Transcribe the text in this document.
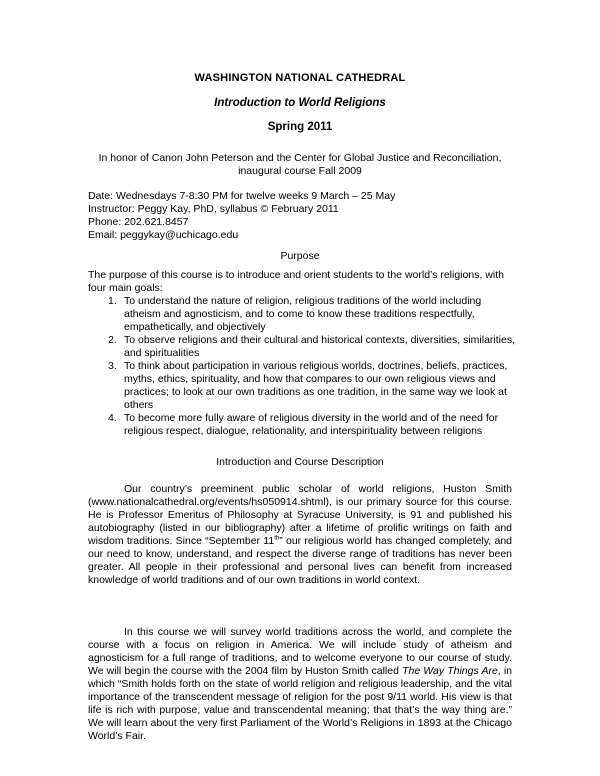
WASHINGTON NATIONAL CATHEDRAL
Introduction to World Religions
Spring 2011
In honor of Canon John Peterson and the Center for Global Justice and Reconciliation,
inaugural course Fall 2009
Date: Wednesdays 7-8:30 PM for twelve weeks 9 March – 25 May
Instructor: Peggy Kay, PhD, syllabus © February 2011
Phone: 202.621.8457
Email: peggykay@uchicago.edu
Purpose
The purpose of this course is to introduce and orient students to the world’s religions, with four main goals:
1. To understand the nature of religion, religious traditions of the world including atheism and agnosticism, and to come to know these traditions respectfully, empathetically, and objectively
2. To observe religions and their cultural and historical contexts, diversities, similarities, and spiritualities
3. To think about participation in various religious worlds, doctrines, beliefs, practices, myths, ethics, spirituality, and how that compares to our own religious views and practices; to look at our own traditions as one tradition, in the same way we look at others
4. To become more fully aware of religious diversity in the world and of the need for religious respect, dialogue, relationality, and interspirituality between religions
Introduction and Course Description
Our country’s preeminent public scholar of world religions, Huston Smith (www.nationalcathedral.org/events/hs050914.shtml), is our primary source for this course. He is Professor Emeritus of Philosophy at Syracuse University, is 91 and published his autobiography (listed in our bibliography) after a lifetime of prolific writings on faith and wisdom traditions. Since “September 11th” our religious world has changed completely, and our need to know, understand, and respect the diverse range of traditions has never been greater. All people in their professional and personal lives can benefit from increased knowledge of world traditions and of our own traditions in world context.
In this course we will survey world traditions across the world, and complete the course with a focus on religion in America. We will include study of atheism and agnosticism for a full range of traditions, and to welcome everyone to our course of study. We will begin the course with the 2004 film by Huston Smith called The Way Things Are, in which “Smith holds forth on the state of world religion and religious leadership, and the vital importance of the transcendent message of religion for the post 9/11 world. His view is that life is rich with purpose, value and transcendental meaning; that that’s the way thing are.” We will learn about the very first Parliament of the World’s Religions in 1893 at the Chicago World’s Fair.
